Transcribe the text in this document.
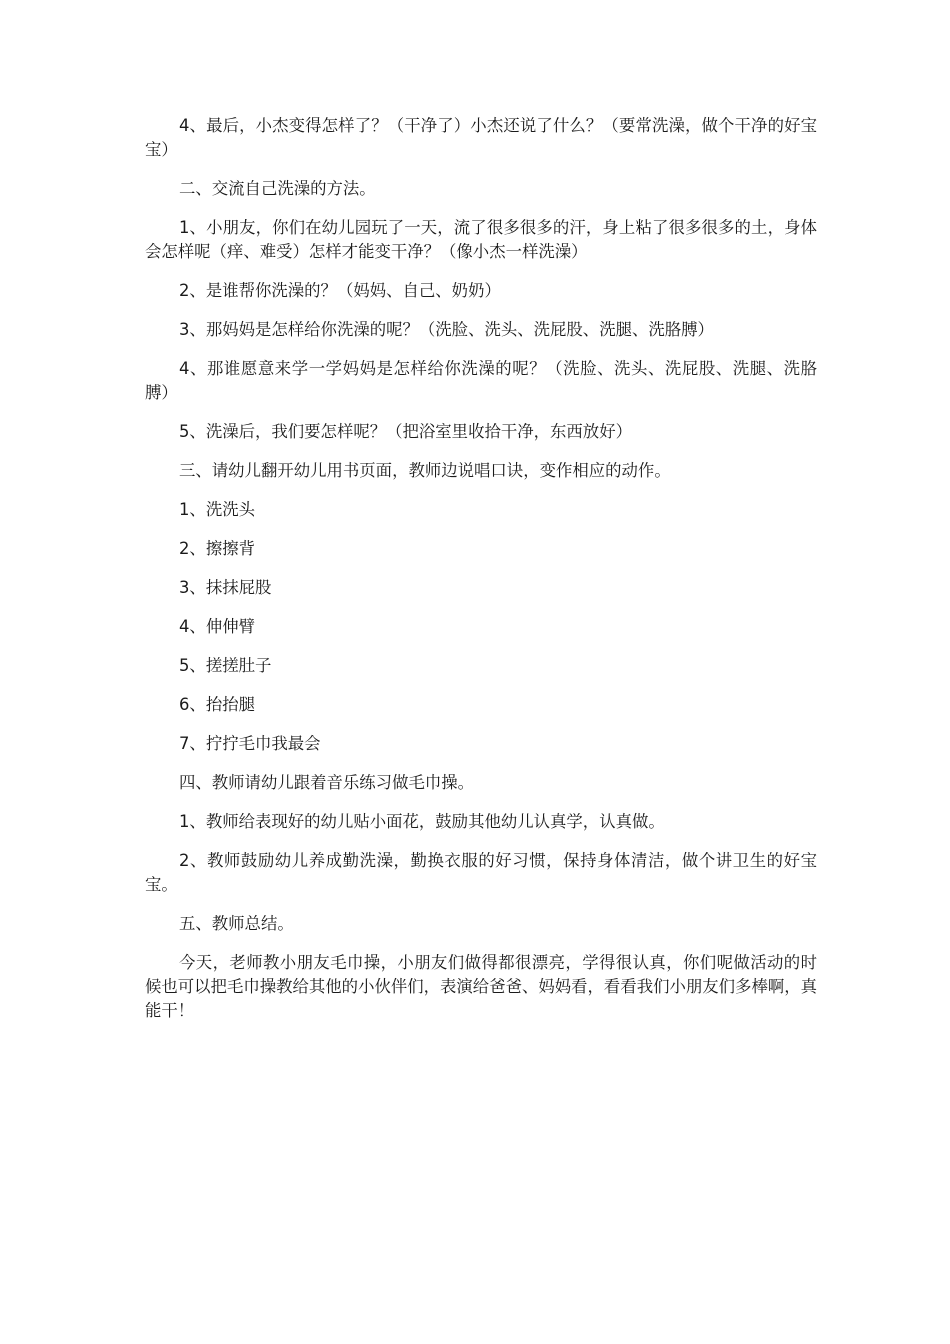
4、最后，小杰变得怎样了？（干净了）小杰还说了什么？（要常洗澡，做个干净的好宝宝）

二、交流自己洗澡的方法。

1、小朋友，你们在幼儿园玩了一天，流了很多很多的汗，身上粘了很多很多的土，身体会怎样呢（痒、难受）怎样才能变干净？（像小杰一样洗澡）

2、是谁帮你洗澡的？（妈妈、自己、奶奶）

3、那妈妈是怎样给你洗澡的呢？（洗脸、洗头、洗屁股、洗腿、洗胳膊）

4、那谁愿意来学一学妈妈是怎样给你洗澡的呢？（洗脸、洗头、洗屁股、洗腿、洗胳膊）

5、洗澡后，我们要怎样呢？（把浴室里收拾干净，东西放好）

三、请幼儿翻开幼儿用书页面，教师边说唱口诀，变作相应的动作。

1、洗洗头

2、擦擦背

3、抹抹屁股

4、伸伸臂

5、搓搓肚子

6、抬抬腿

7、拧拧毛巾我最会

四、教师请幼儿跟着音乐练习做毛巾操。

1、教师给表现好的幼儿贴小面花，鼓励其他幼儿认真学，认真做。

2、教师鼓励幼儿养成勤洗澡，勤换衣服的好习惯，保持身体清洁，做个讲卫生的好宝宝。

五、教师总结。

今天，老师教小朋友毛巾操，小朋友们做得都很漂亮，学得很认真，你们呢做活动的时候也可以把毛巾操教给其他的小伙伴们，表演给爸爸、妈妈看，看看我们小朋友们多棒啊，真能干！
